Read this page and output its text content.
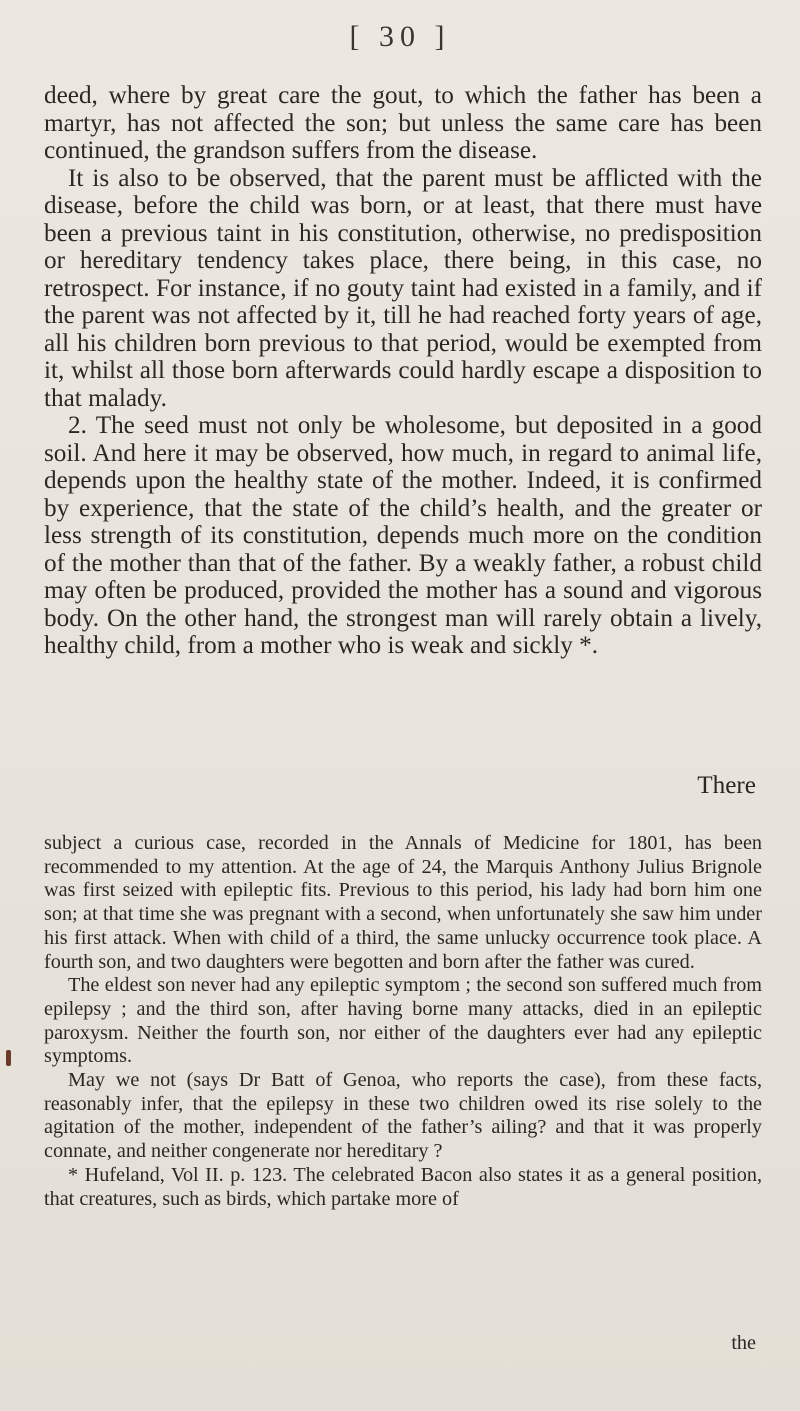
[ 30 ]

deed, where by great care the gout, to which the father has been a martyr, has not affected the son; but unless the same care has been continued, the grandson suffers from the disease.

It is also to be observed, that the parent must be afflicted with the disease, before the child was born, or at least, that there must have been a previous taint in his constitution, otherwise, no predisposition or hereditary tendency takes place, there being, in this case, no retrospect. For instance, if no gouty taint had existed in a family, and if the parent was not affected by it, till he had reached forty years of age, all his children born previous to that period, would be exempted from it, whilst all those born afterwards could hardly escape a disposition to that malady.

2. The seed must not only be wholesome, but deposited in a good soil. And here it may be observed, how much, in regard to animal life, depends upon the healthy state of the mother. Indeed, it is confirmed by experience, that the state of the child’s health, and the greater or less strength of its constitution, depends much more on the condition of the mother than that of the father. By a weakly father, a robust child may often be produced, provided the mother has a sound and vigorous body. On the other hand, the strongest man will rarely obtain a lively, healthy child, from a mother who is weak and sickly *.

There

subject a curious case, recorded in the Annals of Medicine for 1801, has been recommended to my attention. At the age of 24, the Marquis Anthony Julius Brignole was first seized with epileptic fits. Previous to this period, his lady had born him one son; at that time she was pregnant with a second, when unfortunately she saw him under his first attack. When with child of a third, the same unlucky occurrence took place. A fourth son, and two daughters were begotten and born after the father was cured.

The eldest son never had any epileptic symptom ; the second son suffered much from epilepsy ; and the third son, after having borne many attacks, died in an epileptic paroxysm. Neither the fourth son, nor either of the daughters ever had any epileptic symptoms.

May we not (says Dr Batt of Genoa, who reports the case), from these facts, reasonably infer, that the epilepsy in these two children owed its rise solely to the agitation of the mother, independent of the father’s ailing? and that it was properly connate, and neither congenerate nor hereditary ?

* Hufeland, Vol II. p. 123. The celebrated Bacon also states it as a general position, that creatures, such as birds, which partake more of

the
